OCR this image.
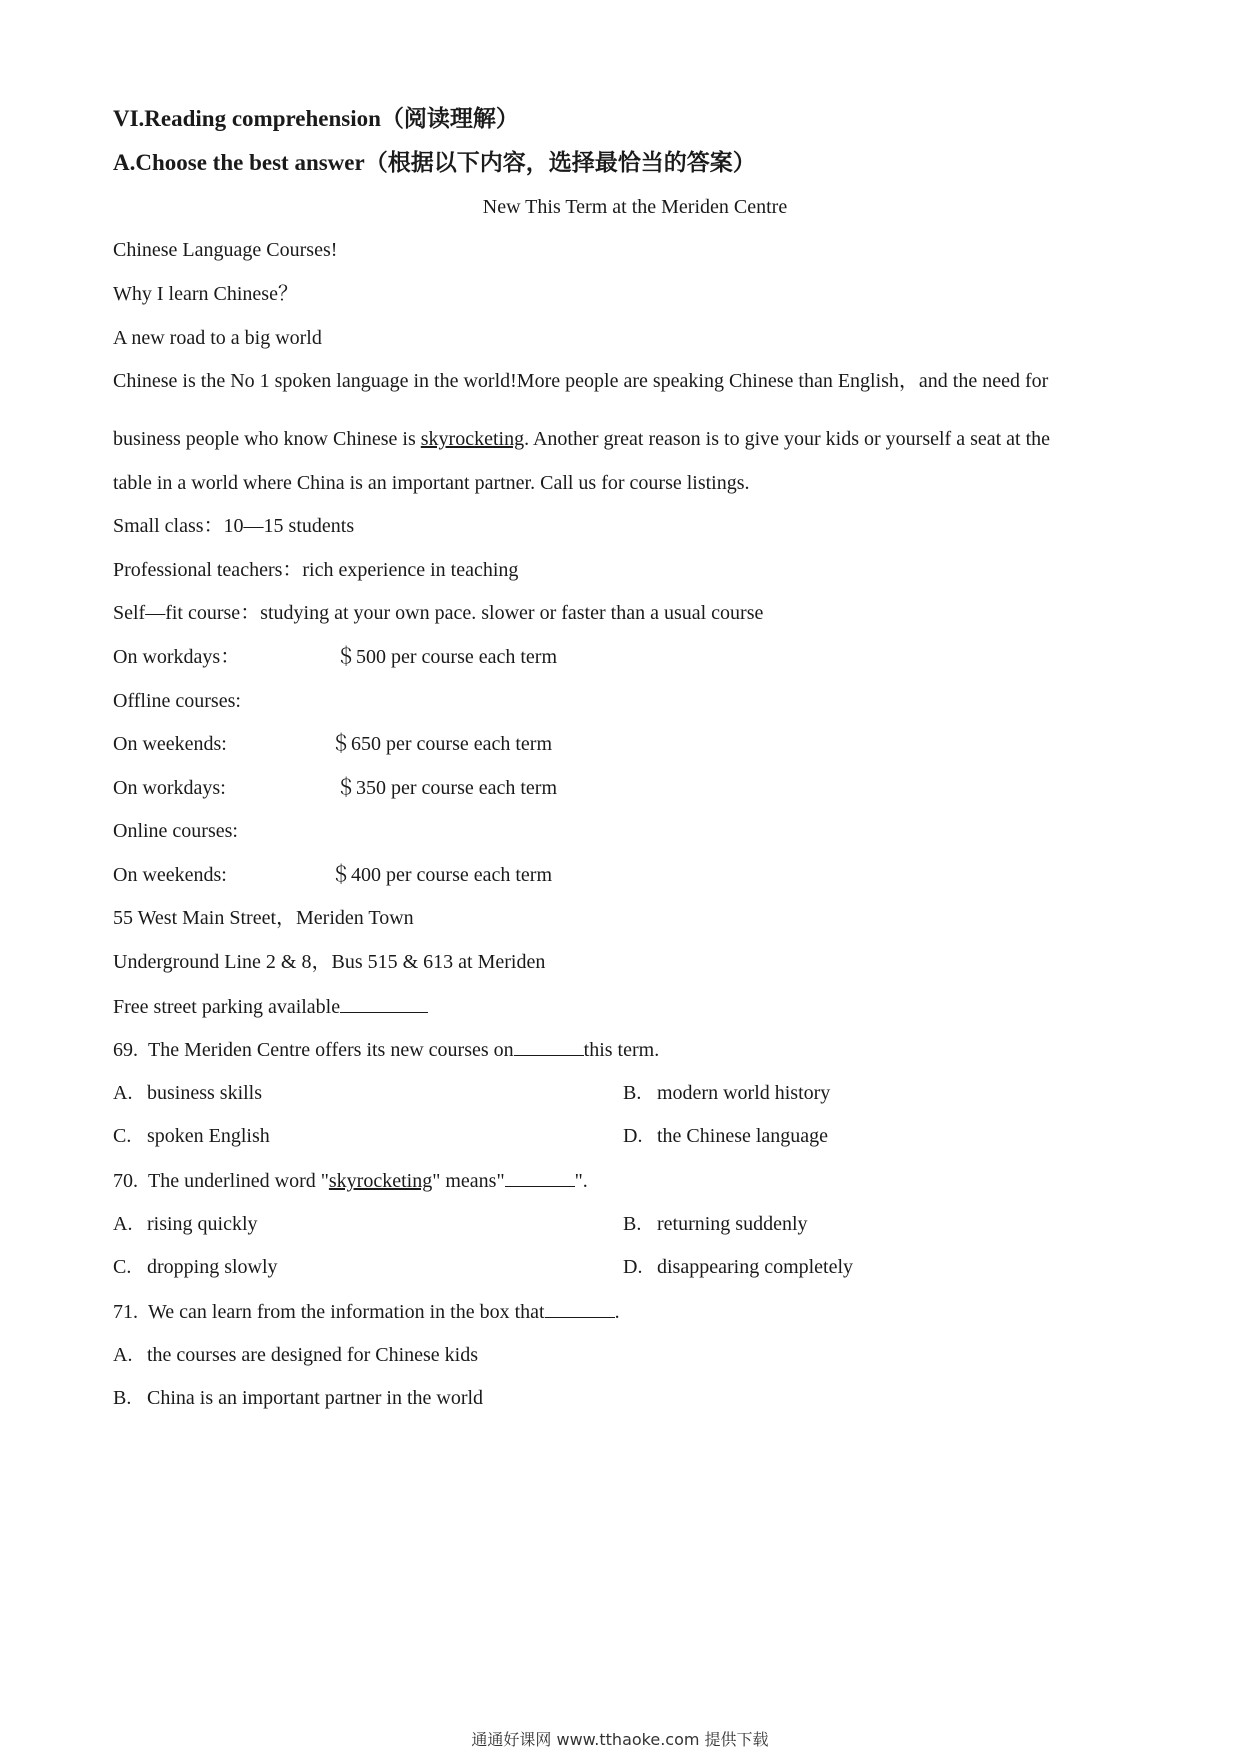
VI.Reading comprehension（阅读理解）
A.Choose the best answer（根据以下内容，选择最恰当的答案）
New This Term at the Meriden Centre
Chinese Language Courses!
Why I learn Chinese？
A new road to a big world
Chinese is the No 1 spoken language in the world!More people are speaking Chinese than English，and the need for
business people who know Chinese is skyrocketing. Another great reason is to give your kids or yourself a seat at the
table in a world where China is an important partner. Call us for course listings.
Small class：10—15 students
Professional teachers：rich experience in teaching
Self—fit course：studying at your own pace. slower or faster than a usual course
On workdays：	＄500 per course each term
Offline courses:
On weekends:	＄650 per course each term
On workdays:	＄350 per course each term
Online courses:
On weekends:	＄400 per course each term
55 West Main Street，Meriden Town
Underground Line 2 & 8，Bus 515 & 613 at Meriden
Free street parking available
69. The Meriden Centre offers its new courses on	this term.
A. business skills	B. modern world history
C. spoken English	D. the Chinese language
70. The underlined word "skyrocketing" means"	".
A. rising quickly	B. returning suddenly
C. dropping slowly	D. disappearing completely
71. We can learn from the information in the box that	.
A. the courses are designed for Chinese kids
B. China is an important partner in the world
通通好课网 www.tthaoke.com 提供下载
